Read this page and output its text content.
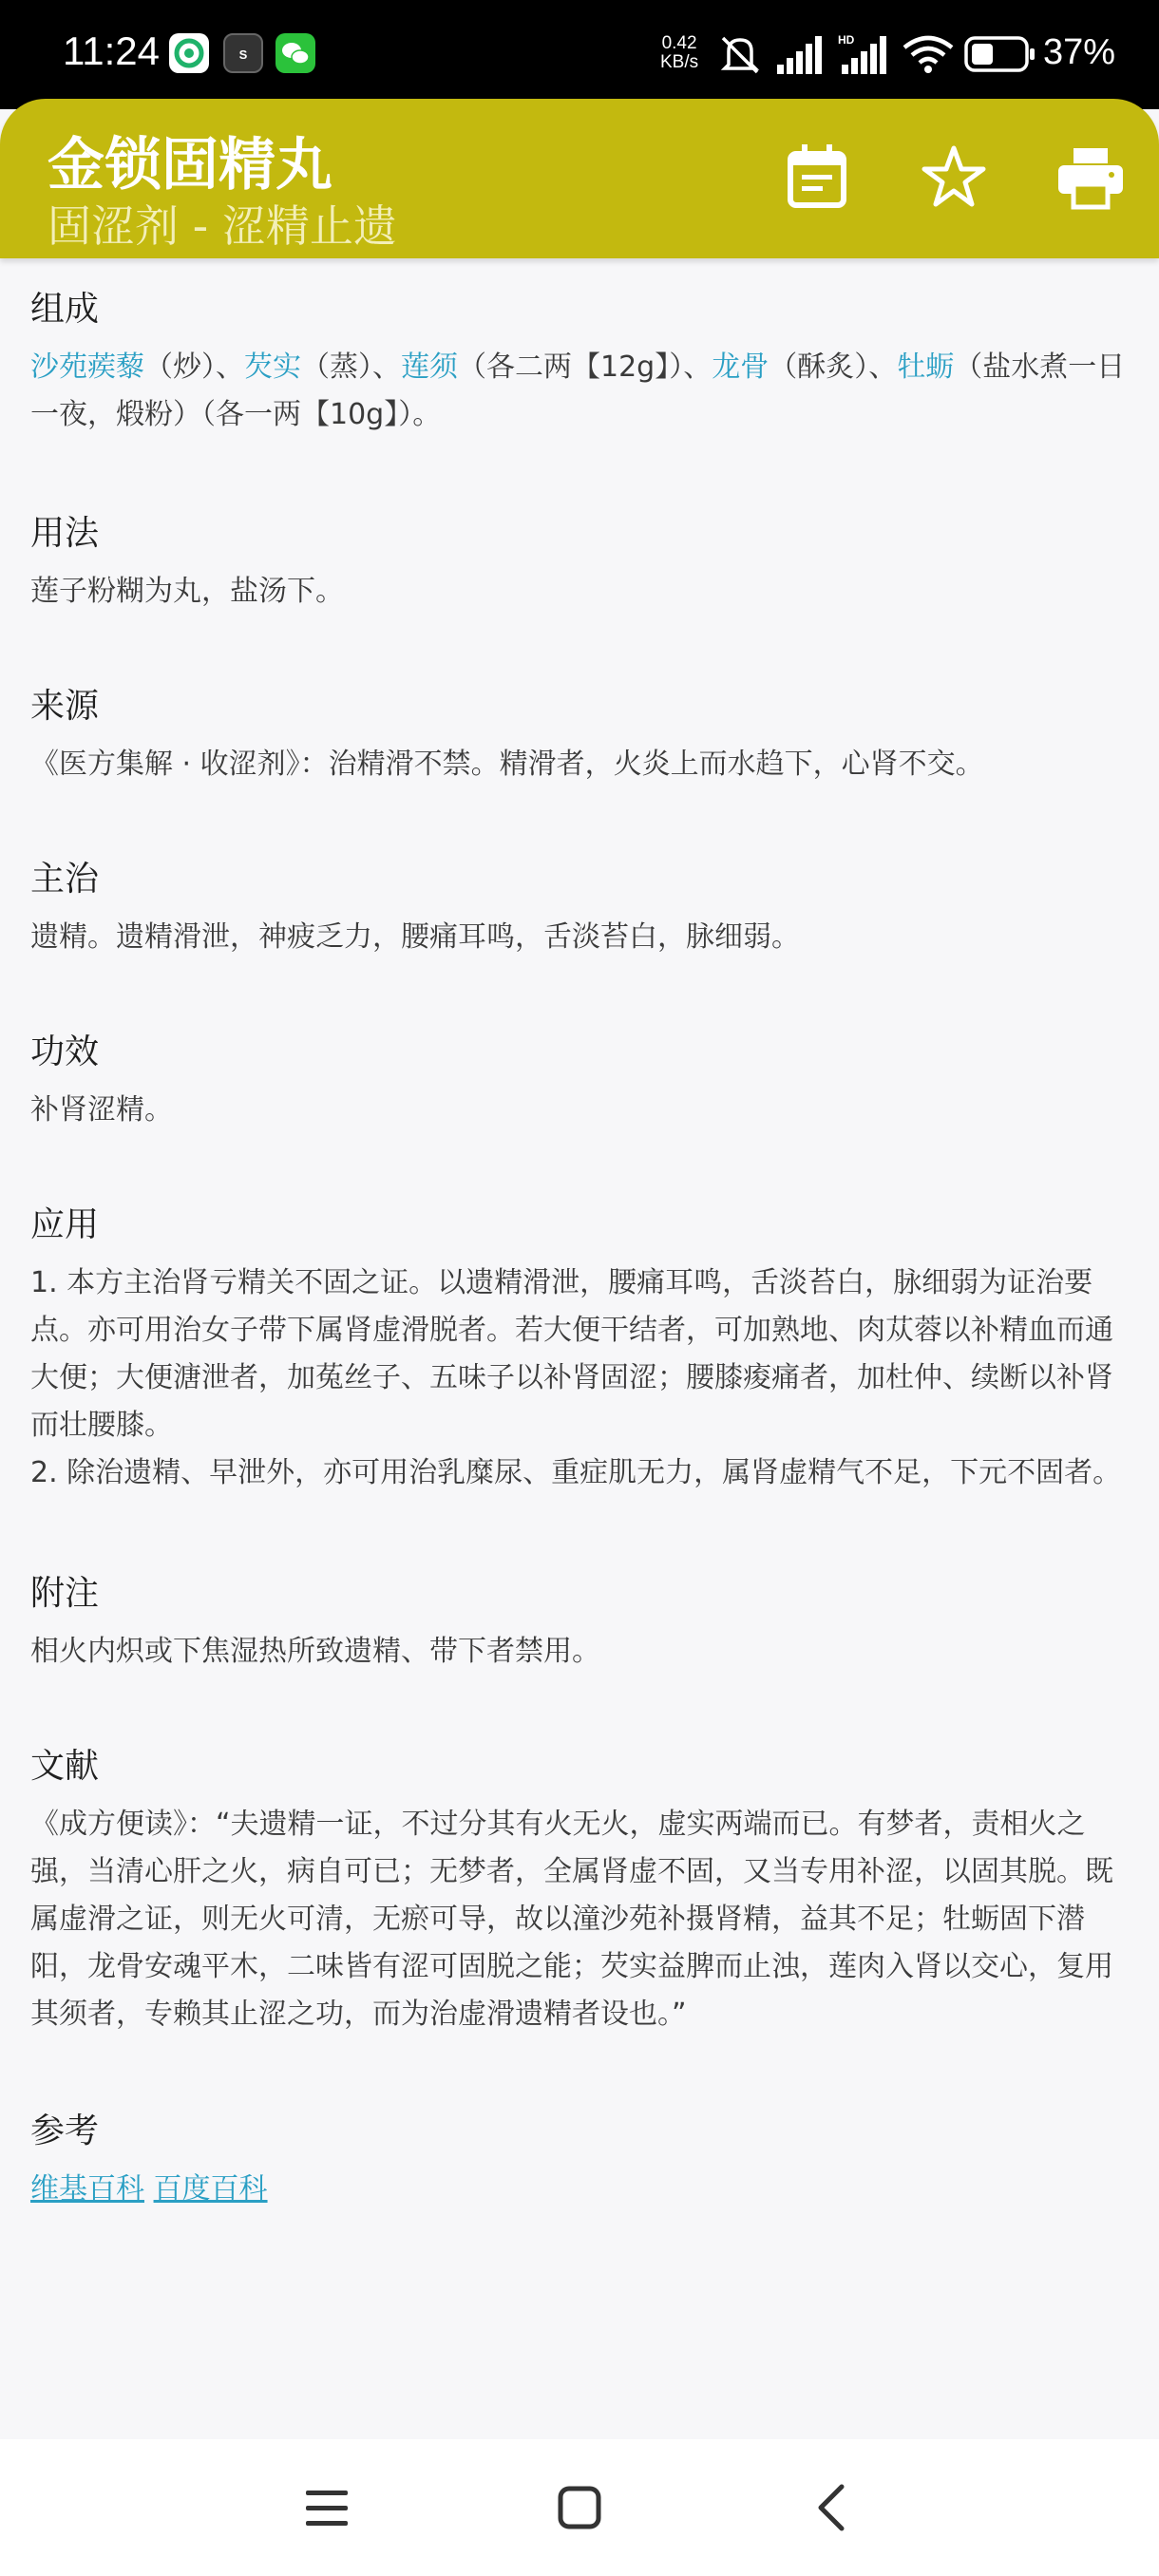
11:24	S
0.42
KB/s
HD	37%
金锁固精丸
固涩剂 - 涩精止遗
组成
沙苑蒺藜（炒）、芡实（蒸）、莲须（各二两【12g】）、龙骨（酥炙）、牡蛎（盐水煮一日一夜，煅粉）（各一两【10g】）。
用法
莲子粉糊为丸，盐汤下。
来源
《医方集解 · 收涩剂》：治精滑不禁。精滑者，火炎上而水趋下，心肾不交。
主治
遗精。遗精滑泄，神疲乏力，腰痛耳鸣，舌淡苔白，脉细弱。
功效
补肾涩精。
应用
1. 本方主治肾亏精关不固之证。以遗精滑泄，腰痛耳鸣，舌淡苔白，脉细弱为证治要点。亦可用治女子带下属肾虚滑脱者。若大便干结者，可加熟地、肉苁蓉以补精血而通大便；大便溏泄者，加菟丝子、五味子以补肾固涩；腰膝痠痛者，加杜仲、续断以补肾而壮腰膝。
2. 除治遗精、早泄外，亦可用治乳糜尿、重症肌无力，属肾虚精气不足，下元不固者。
附注
相火内炽或下焦湿热所致遗精、带下者禁用。
文献
《成方便读》：“夫遗精一证，不过分其有火无火，虚实两端而已。有梦者，责相火之强，当清心肝之火，病自可已；无梦者，全属肾虚不固，又当专用补涩，以固其脱。既属虚滑之证，则无火可清，无瘀可导，故以潼沙苑补摄肾精，益其不足；牡蛎固下潜阳，龙骨安魂平木，二味皆有涩可固脱之能；芡实益脾而止浊，莲肉入肾以交心，复用其须者，专赖其止涩之功，而为治虚滑遗精者设也。”
参考
维基百科 百度百科
